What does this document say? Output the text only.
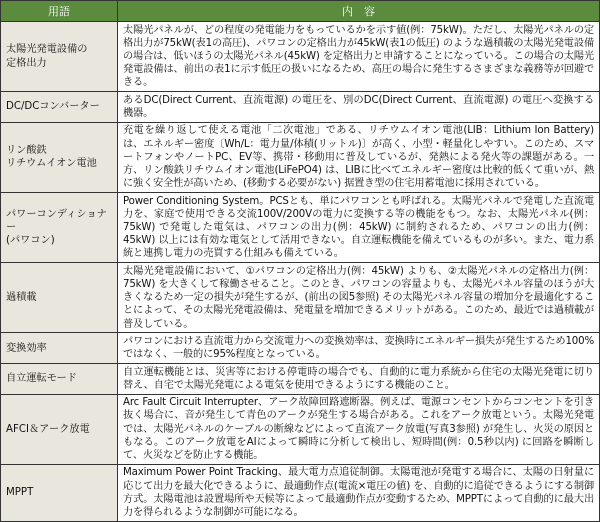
用語	内　容
太陽光発電設備の
定格出力	太陽光パネルが、どの程度の発電能力をもっているかを示す値(例：75kW)。ただし、太陽光パネルの定格出力が75kW(表1の高圧)、パワコンの定格出力が45kW(表1の低圧) のような過積載の太陽光発電設備の場合は、低いほうの太陽光パネル(45kW) を定格出力と申請することになっている。この場合の太陽光発電設備は、前出の表1に示す低圧の扱いになるため、高圧の場合に発生するさまざまな義務等が回避できる。
DC/DCコンバーター	あるDC(Direct Current、直流電源) の電圧を、別のDC(Direct Current、直流電源) の電圧へ変換する機器。
リン酸鉄
リチウムイオン電池	充電を繰り返して使える電池「二次電池」である、リチウムイオン電池(LIB：Lithium Ion Battery) は、エネルギー密度〔Wh/L：電力量/体積(リットル)〕が高く、小型・軽量化しやすい。このため、スマートフォンやノートPC、EV等、携帯・移動用に普及しているが、発熱による発火等の課題がある。一方、リン酸鉄リチウムイオン電池(LiFePO4) は、LIBに比べてエネルギー密度は比較的低くて重いが、熱に強く安全性が高いため、(移動する必要がない) 据置き型の住宅用蓄電池に採用されている。
パワーコンディショナー
(パワコン)	Power Conditioning System。PCSとも、単にパワコンとも呼ばれる。太陽光パネルで発電した直流電力を、家庭で使用できる交流100V/200Vの電力に変換する等の機能をもつ。なお、太陽光パネル(例：75kW) で発電した電気は、パワコンの出力(例：45kW) に制約されるため、パワコンの出力(例：45kW) 以上には有効な電気として活用できない。自立運転機能を備えているものが多い。また、電力系統と連携し電力の売買する仕組みも備えている。
過積載	太陽光発電設備において、①パワコンの定格出力(例：45kW) よりも、②太陽光パネルの定格出力(例：75kW) を大きくして稼働させること。このとき、パワコンの容量よりも、太陽光パネル容量のほうが大きくなるため一定の損失が発生するが、(前出の図5参照) その太陽光パネル容量の増加分を最適化することによって、その太陽光発電設備は、発電量を増加できるメリットがある。このため、最近では過積載が普及している。
変換効率	パワコンにおける直流電力から交流電力への変換効率は、変換時にエネルギー損失が発生するため100%ではなく、一般的に95%程度となっている。
自立運転モード	自立運転機能とは、災害等における停電時の場合でも、自動的に電力系統から住宅の太陽光発電に切り替え、自宅で太陽光発電による電気を使用できるようにする機能のこと。
AFCI＆アーク放電	Arc Fault Circuit Interrupter、アーク故障回路遮断器。例えば、電源コンセントからコンセントを引き抜く場合に、音が発生して青色のアークが発生する場合がある。これをアーク放電という。太陽光発電では、太陽光パネルのケーブルの断線などによって直流アーク放電(写真3参照) が発生し、火災の原因ともなる。このアーク放電をAIによって瞬時に分析して検出し、短時間(例：0.5秒以内) に回路を瞬断して、火災などを防止する機能。
MPPT	Maximum Power Point Tracking、最大電力点追従制御。太陽電池が発電する場合に、太陽の日射量に応じて出力を最大化できるように、最適動作点(電流×電圧の値) を、自動的に追従できるようにする制御方式。太陽電池は設置場所や天候等によって最適動作点が変動するため、MPPTによって自動的に最大出力を得られるような制御が可能になる。
